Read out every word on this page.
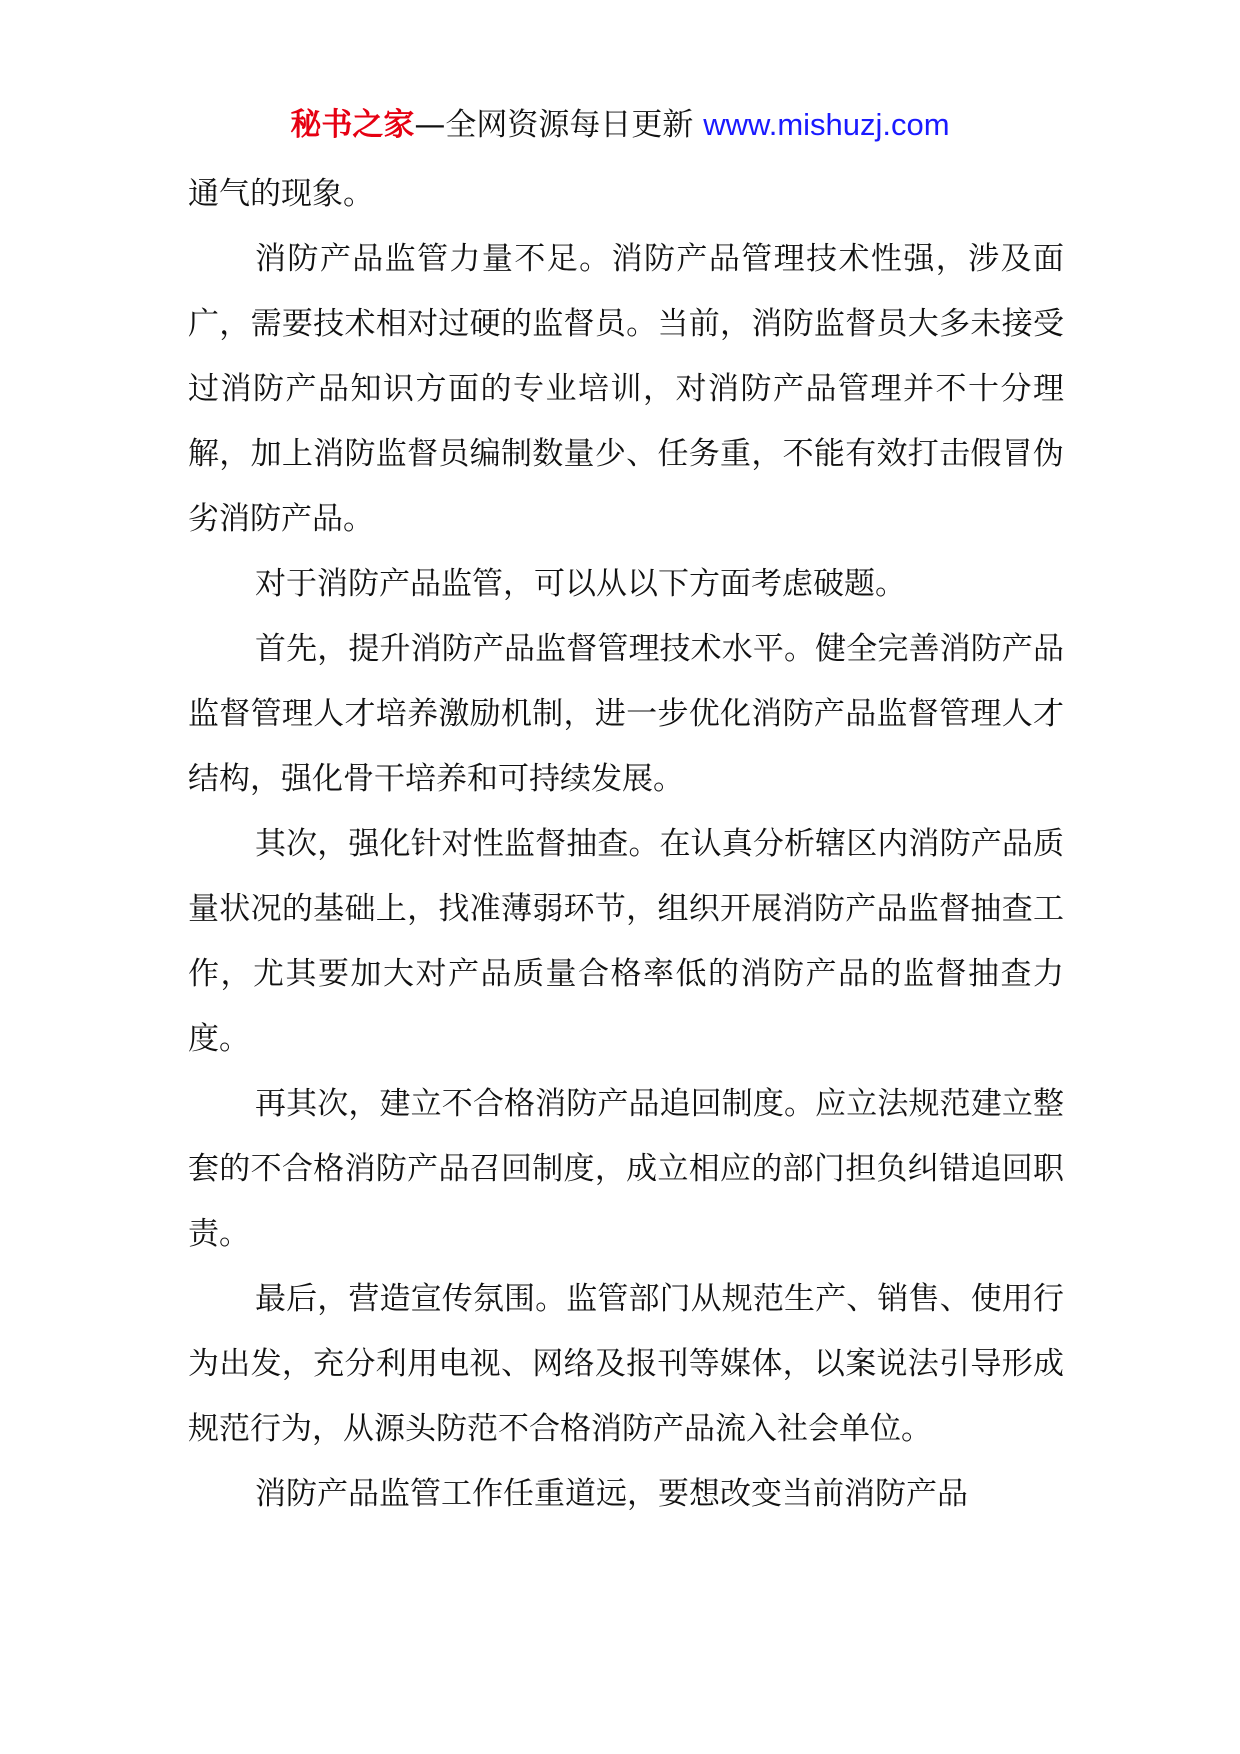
秘书之家—全网资源每日更新 www.mishuzj.com

通气的现象。

消防产品监管力量不足。消防产品管理技术性强，涉及面广，需要技术相对过硬的监督员。当前，消防监督员大多未接受过消防产品知识方面的专业培训，对消防产品管理并不十分理解，加上消防监督员编制数量少、任务重，不能有效打击假冒伪劣消防产品。

对于消防产品监管，可以从以下方面考虑破题。

首先，提升消防产品监督管理技术水平。健全完善消防产品监督管理人才培养激励机制，进一步优化消防产品监督管理人才结构，强化骨干培养和可持续发展。

其次，强化针对性监督抽查。在认真分析辖区内消防产品质量状况的基础上，找准薄弱环节，组织开展消防产品监督抽查工作，尤其要加大对产品质量合格率低的消防产品的监督抽查力度。

再其次，建立不合格消防产品追回制度。应立法规范建立整套的不合格消防产品召回制度，成立相应的部门担负纠错追回职责。

最后，营造宣传氛围。监管部门从规范生产、销售、使用行为出发，充分利用电视、网络及报刊等媒体，以案说法引导形成规范行为，从源头防范不合格消防产品流入社会单位。

消防产品监管工作任重道远，要想改变当前消防产品
